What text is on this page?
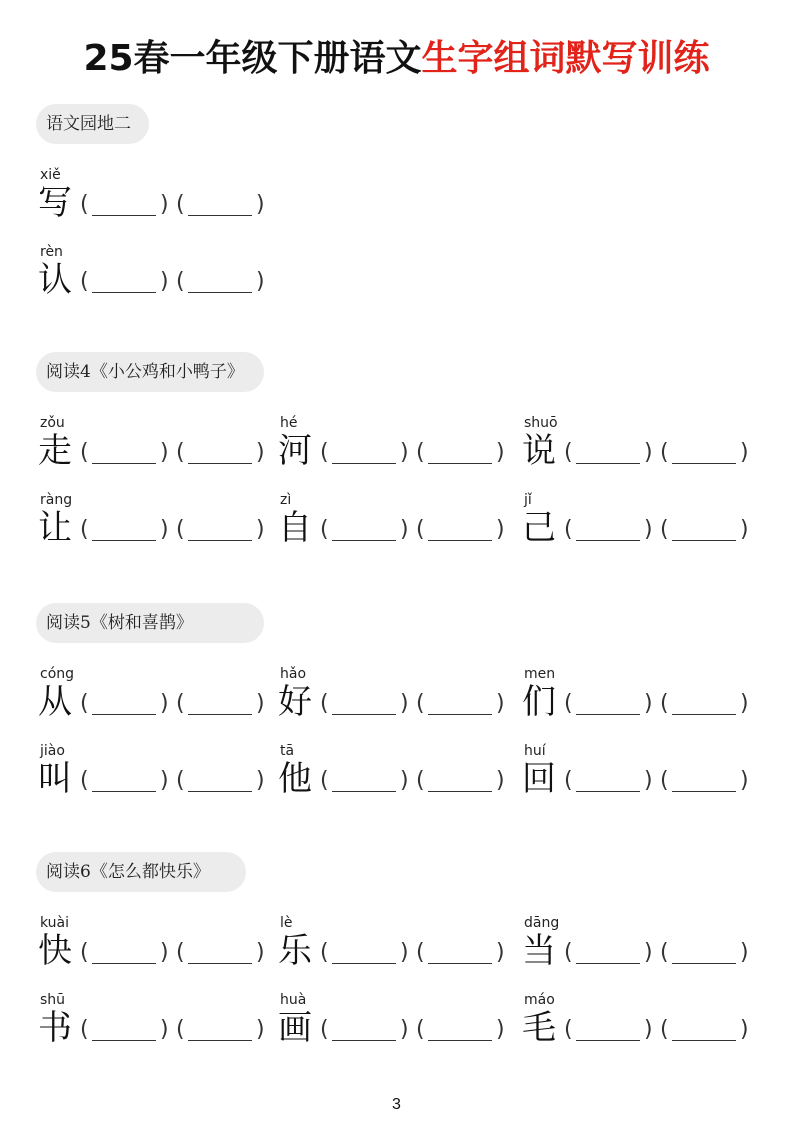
25春一年级下册语文生字组词默写训练
语文园地二
xiě
写 (	) (	)
rèn
认 (	) (	)
阅读4《小公鸡和小鸭子》
zǒu
走 (	) (	)
hé
河 (	) (	)
shuō
说 (	) (	)
ràng
让 (	) (	)
zì
自 (	) (	)
jǐ
己 (	) (	)
阅读5《树和喜鹊》
cóng
从 (	) (	)
hǎo
好 (	) (	)
men
们 (	) (	)
jiào
叫 (	) (	)
tā
他 (	) (	)
huí
回 (	) (	)
阅读6《怎么都快乐》
kuài
快 (	) (	)
lè
乐 (	) (	)
dāng
当 (	) (	)
shū
书 (	) (	)
huà
画 (	) (	)
máo
毛 (	) (	)
3
